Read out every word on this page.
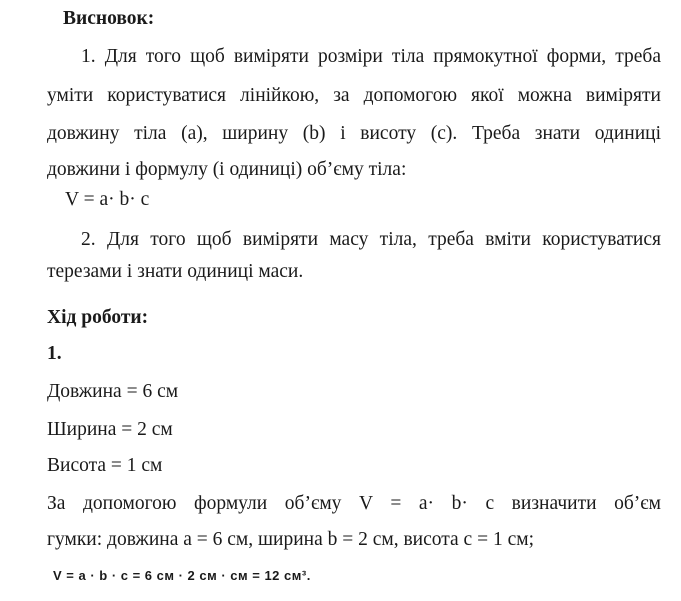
Висновок:
1. Для того щоб виміряти розміри тіла прямокутної форми, треба
уміти користуватися лінійкою, за допомогою якої можна виміряти
довжину тіла (а), ширину (b) і висоту (с). Треба знати одиниці
довжини і формулу (і одиниці) об’єму тіла:
V = a· b· c
2. Для того щоб виміряти масу тіла, треба вміти користуватися
терезами і знати одиниці маси.
Хід роботи:
1.
Довжина = 6 см
Ширина = 2 см
Висота = 1 см
За допомогою формули об’єму V = a· b· c визначити об’єм
гумки: довжина a = 6 см, ширина b = 2 см, висота c = 1 см;
V = a · b · c = 6 см · 2 см · см = 12 см³.
